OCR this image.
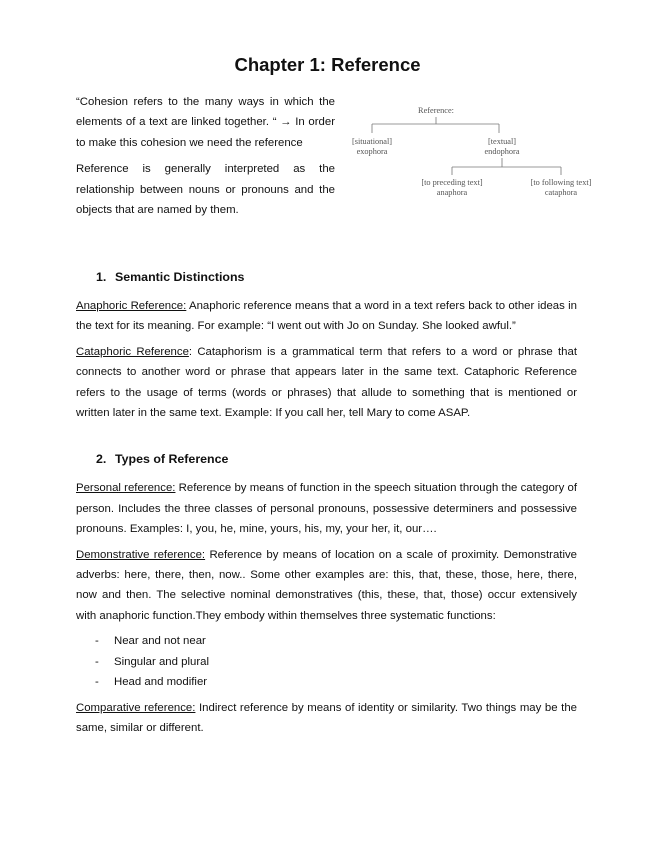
Chapter 1: Reference

“Cohesion refers to the many ways in which the elements of a text are linked together. “ → In order to make this cohesion we need the reference

Reference is generally interpreted as the relationship between nouns or pronouns and the objects that are named by them.

Reference:
[situational]
exophora
[textual]
endophora
[to preceding text]
anaphora
[to following text]
cataphora
1. Semantic Distinctions

Anaphoric Reference: Anaphoric reference means that a word in a text refers back to other ideas in the text for its meaning. For example: “I went out with Jo on Sunday. She looked awful.”

Cataphoric Reference: Cataphorism is a grammatical term that refers to a word or phrase that connects to another word or phrase that appears later in the same text. Cataphoric Reference refers to the usage of terms (words or phrases) that allude to something that is mentioned or written later in the same text. Example: If you call her, tell Mary to come ASAP.

2. Types of Reference

Personal reference: Reference by means of function in the speech situation through the category of person. Includes the three classes of personal pronouns, possessive determiners and possessive pronouns. Examples: I, you, he, mine, yours, his, my, your her, it, our….

Demonstrative reference: Reference by means of location on a scale of proximity. Demonstrative adverbs: here, there, then, now.. Some other examples are: this, that, these, those, here, there, now and then. The selective nominal demonstratives (this, these, that, those) occur extensively with anaphoric function.They embody within themselves three systematic functions:

- Near and not near
- Singular and plural
- Head and modifier

Comparative reference: Indirect reference by means of identity or similarity. Two things may be the same, similar or different.
